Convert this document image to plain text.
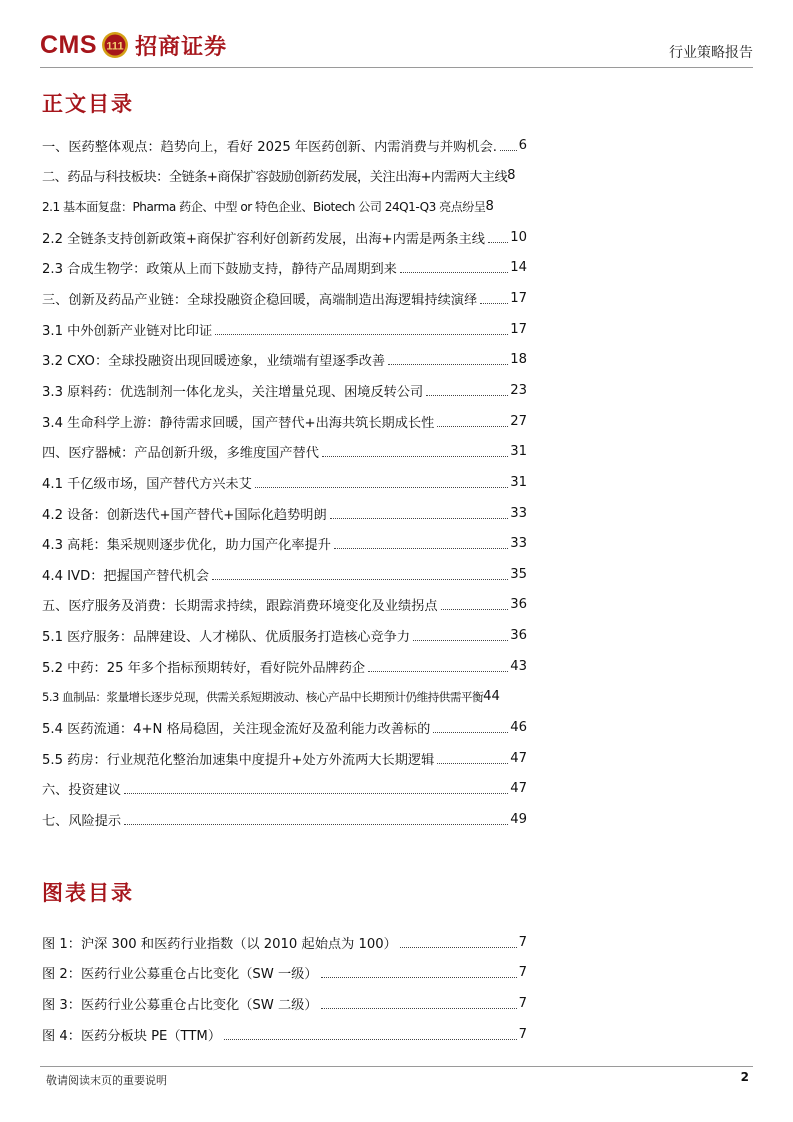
CMS 111 招商证券	行业策略报告
正文目录
一、医药整体观点：趋势向上，看好 2025 年医药创新、内需消费与并购机会. 6
二、药品与科技板块：全链条+商保扩容鼓励创新药发展，关注出海+内需两大主线 8
2.1 基本面复盘：Pharma 药企、中型 or 特色企业、Biotech 公司 24Q1-Q3 亮点纷呈 8
2.2 全链条支持创新政策+商保扩容利好创新药发展，出海+内需是两条主线 10
2.3 合成生物学：政策从上而下鼓励支持，静待产品周期到来	14
三、创新及药品产业链：全球投融资企稳回暖，高端制造出海逻辑持续演绎	17
3.1 中外创新产业链对比印证	17
3.2 CXO：全球投融资出现回暖迹象，业绩端有望逐季改善	18
3.3 原料药：优选制剂一体化龙头，关注增量兑现、困境反转公司	23
3.4 生命科学上游：静待需求回暖，国产替代+出海共筑长期成长性	27
四、医疗器械：产品创新升级，多维度国产替代	31
4.1 千亿级市场，国产替代方兴未艾	31
4.2 设备：创新迭代+国产替代+国际化趋势明朗	33
4.3 高耗：集采规则逐步优化，助力国产化率提升	33
4.4 IVD：把握国产替代机会	35
五、医疗服务及消费：长期需求持续，跟踪消费环境变化及业绩拐点	36
5.1 医疗服务：品牌建设、人才梯队、优质服务打造核心竞争力	36
5.2 中药：25 年多个指标预期转好，看好院外品牌药企	43
5.3 血制品：浆量增长逐步兑现，供需关系短期波动、核心产品中长期预计仍维持供需平衡 44
5.4 医药流通：4+N 格局稳固，关注现金流好及盈利能力改善标的	46
5.5 药房：行业规范化整治加速集中度提升+处方外流两大长期逻辑	47
六、投资建议	47
七、风险提示	49
图表目录
图 1：沪深 300 和医药行业指数（以 2010 起始点为 100）	7
图 2：医药行业公募重仓占比变化（SW 一级）	7
图 3：医药行业公募重仓占比变化（SW 二级）	7
图 4：医药分板块 PE（TTM）	7
敬请阅读末页的重要说明	2
